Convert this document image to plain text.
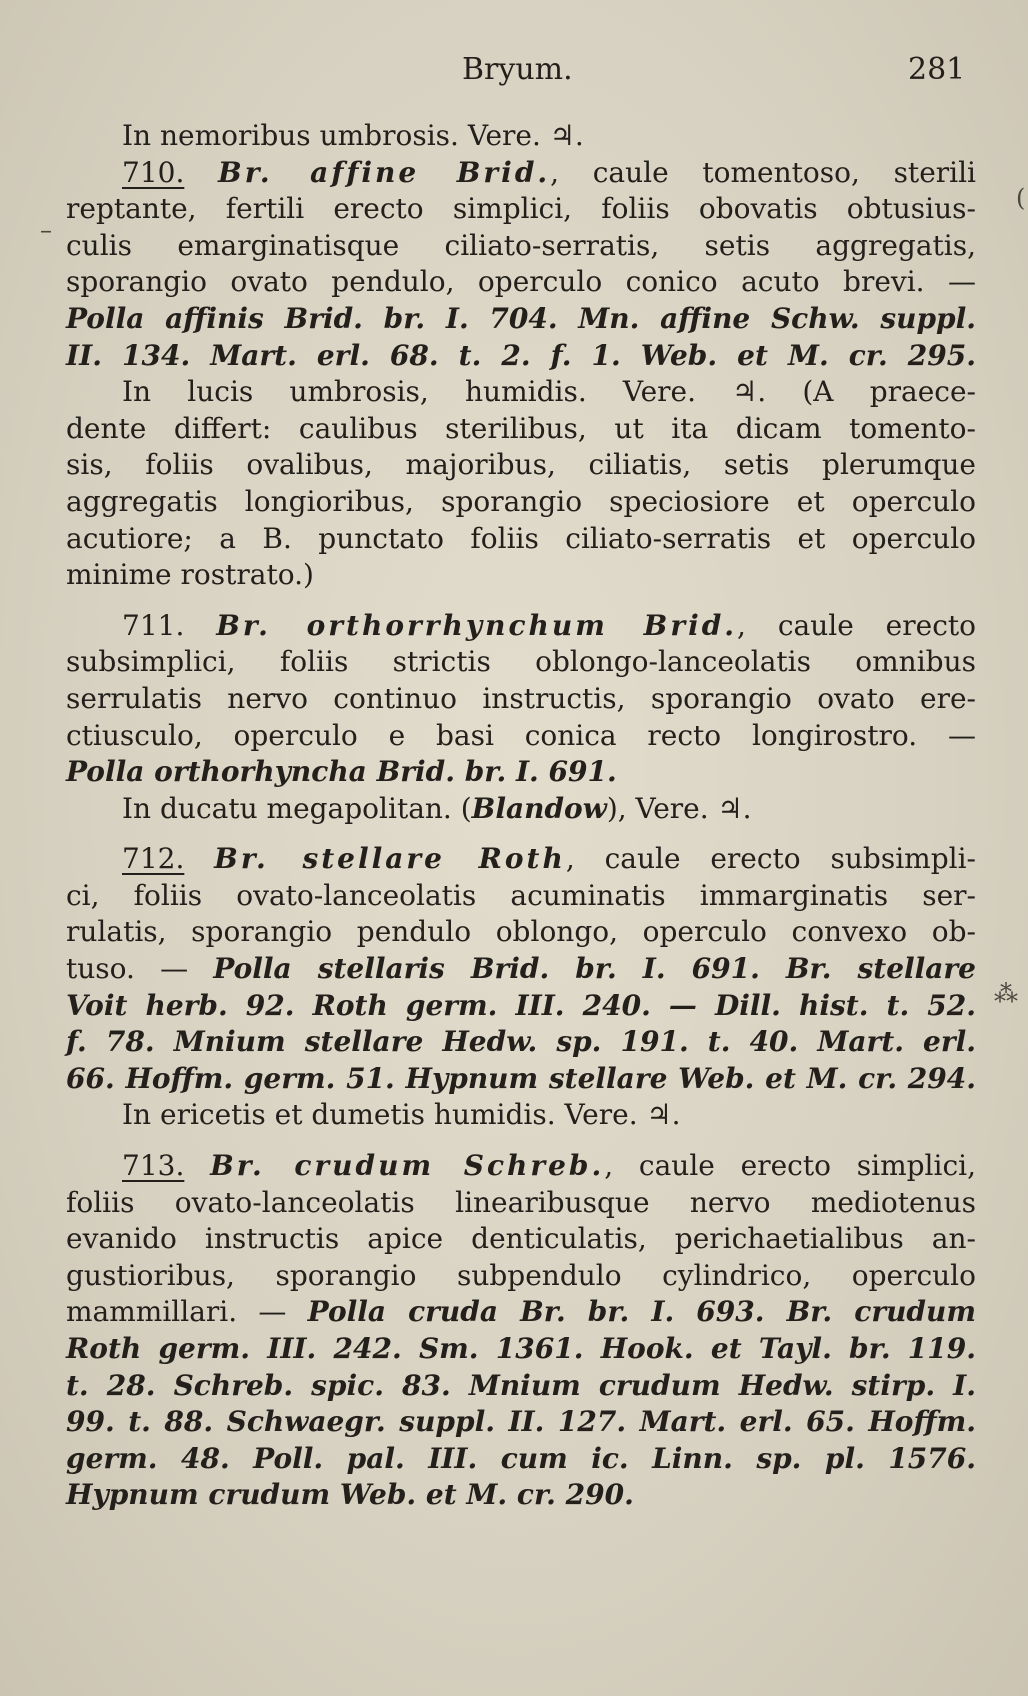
Bryum.	281
–
(
⁂
In nemoribus umbrosis. Vere. ♃.
710. Br. affine Brid., caule tomentoso, sterili
reptante, fertili erecto simplici, foliis obovatis obtusius-
culis emarginatisque ciliato-serratis, setis aggregatis,
sporangio ovato pendulo, operculo conico acuto brevi. —
Polla affinis Brid. br. I. 704. Mn. affine Schw. suppl.
II. 134. Mart. erl. 68. t. 2. f. 1. Web. et M. cr. 295.
In lucis umbrosis, humidis. Vere. ♃. (A praece-
dente differt: caulibus sterilibus, ut ita dicam tomento-
sis, foliis ovalibus, majoribus, ciliatis, setis plerumque
aggregatis longioribus, sporangio speciosiore et operculo
acutiore; a B. punctato foliis ciliato-serratis et operculo
minime rostrato.)
711. Br. orthorrhynchum Brid., caule erecto
subsimplici, foliis strictis oblongo-lanceolatis omnibus
serrulatis nervo continuo instructis, sporangio ovato ere-
ctiusculo, operculo e basi conica recto longirostro. —
Polla orthorhyncha Brid. br. I. 691.
In ducatu megapolitan. (Blandow), Vere. ♃.
712. Br. stellare Roth, caule erecto subsimpli-
ci, foliis ovato-lanceolatis acuminatis immarginatis ser-
rulatis, sporangio pendulo oblongo, operculo convexo ob-
tuso. — Polla stellaris Brid. br. I. 691. Br. stellare
Voit herb. 92. Roth germ. III. 240. — Dill. hist. t. 52.
f. 78. Mnium stellare Hedw. sp. 191. t. 40. Mart. erl.
66. Hoffm. germ. 51. Hypnum stellare Web. et M. cr. 294.
In ericetis et dumetis humidis. Vere. ♃.
713. Br. crudum Schreb., caule erecto simplici,
foliis ovato-lanceolatis linearibusque nervo mediotenus
evanido instructis apice denticulatis, perichaetialibus an-
gustioribus, sporangio subpendulo cylindrico, operculo
mammillari. — Polla cruda Br. br. I. 693. Br. crudum
Roth germ. III. 242. Sm. 1361. Hook. et Tayl. br. 119.
t. 28. Schreb. spic. 83. Mnium crudum Hedw. stirp. I.
99. t. 88. Schwaegr. suppl. II. 127. Mart. erl. 65. Hoffm.
germ. 48. Poll. pal. III. cum ic. Linn. sp. pl. 1576.
Hypnum crudum Web. et M. cr. 290.
